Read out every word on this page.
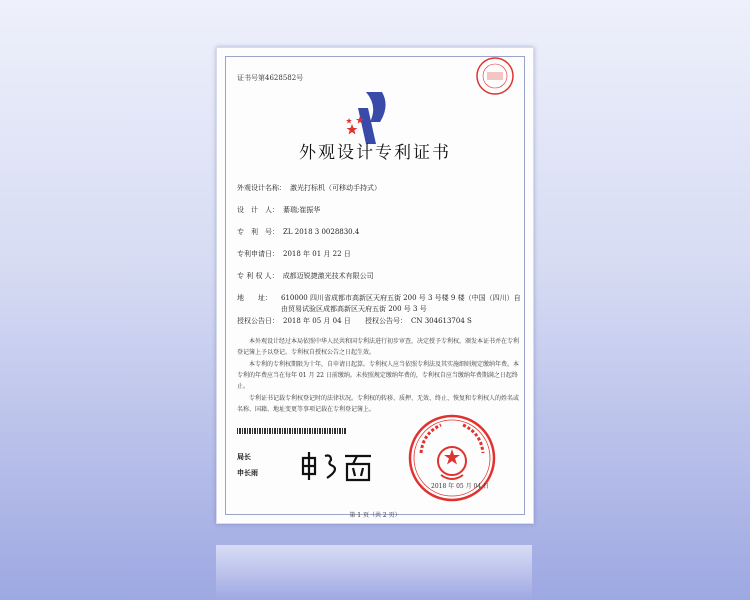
证书号第4628582号
外观设计专利证书
外观设计名称： 激光打标机（可移动手持式）
设　计　人： 綦瑞;崔振华
专　利　号： ZL 2018 3 0028830.4
专利申请日： 2018 年 01 月 22 日
专 利 权 人： 成都迈锐捷激光技术有限公司
地　　址： 610000 四川省成都市高新区天府五街 200 号 3 号楼 9 楼（中国（四川）自由贸易试验区成都高新区天府五街 200 号 3 号
授权公告日： 2018 年 05 月 04 日 授权公告号： CN 304613704 S
本外观设计经过本局依照中华人民共和国专利法进行初步审查，决定授予专利权，颁发本证书并在专利登记簿上予以登记。专利权自授权公告之日起生效。
本专利的专利权期限为十年，自申请日起算。专利权人应当依照专利法及其实施细则规定缴纳年费。本专利的年费应当在每年 01 月 22 日前缴纳。未按照规定缴纳年费的，专利权自应当缴纳年费期满之日起终止。
专利证书记载专利权登记时的法律状况。专利权的转移、质押、无效、终止、恢复和专利权人的姓名或名称、国籍、地址变更等事项记载在专利登记簿上。
局长
申长雨
2018 年 05 月 04 日
第 1 页（共 2 页）
